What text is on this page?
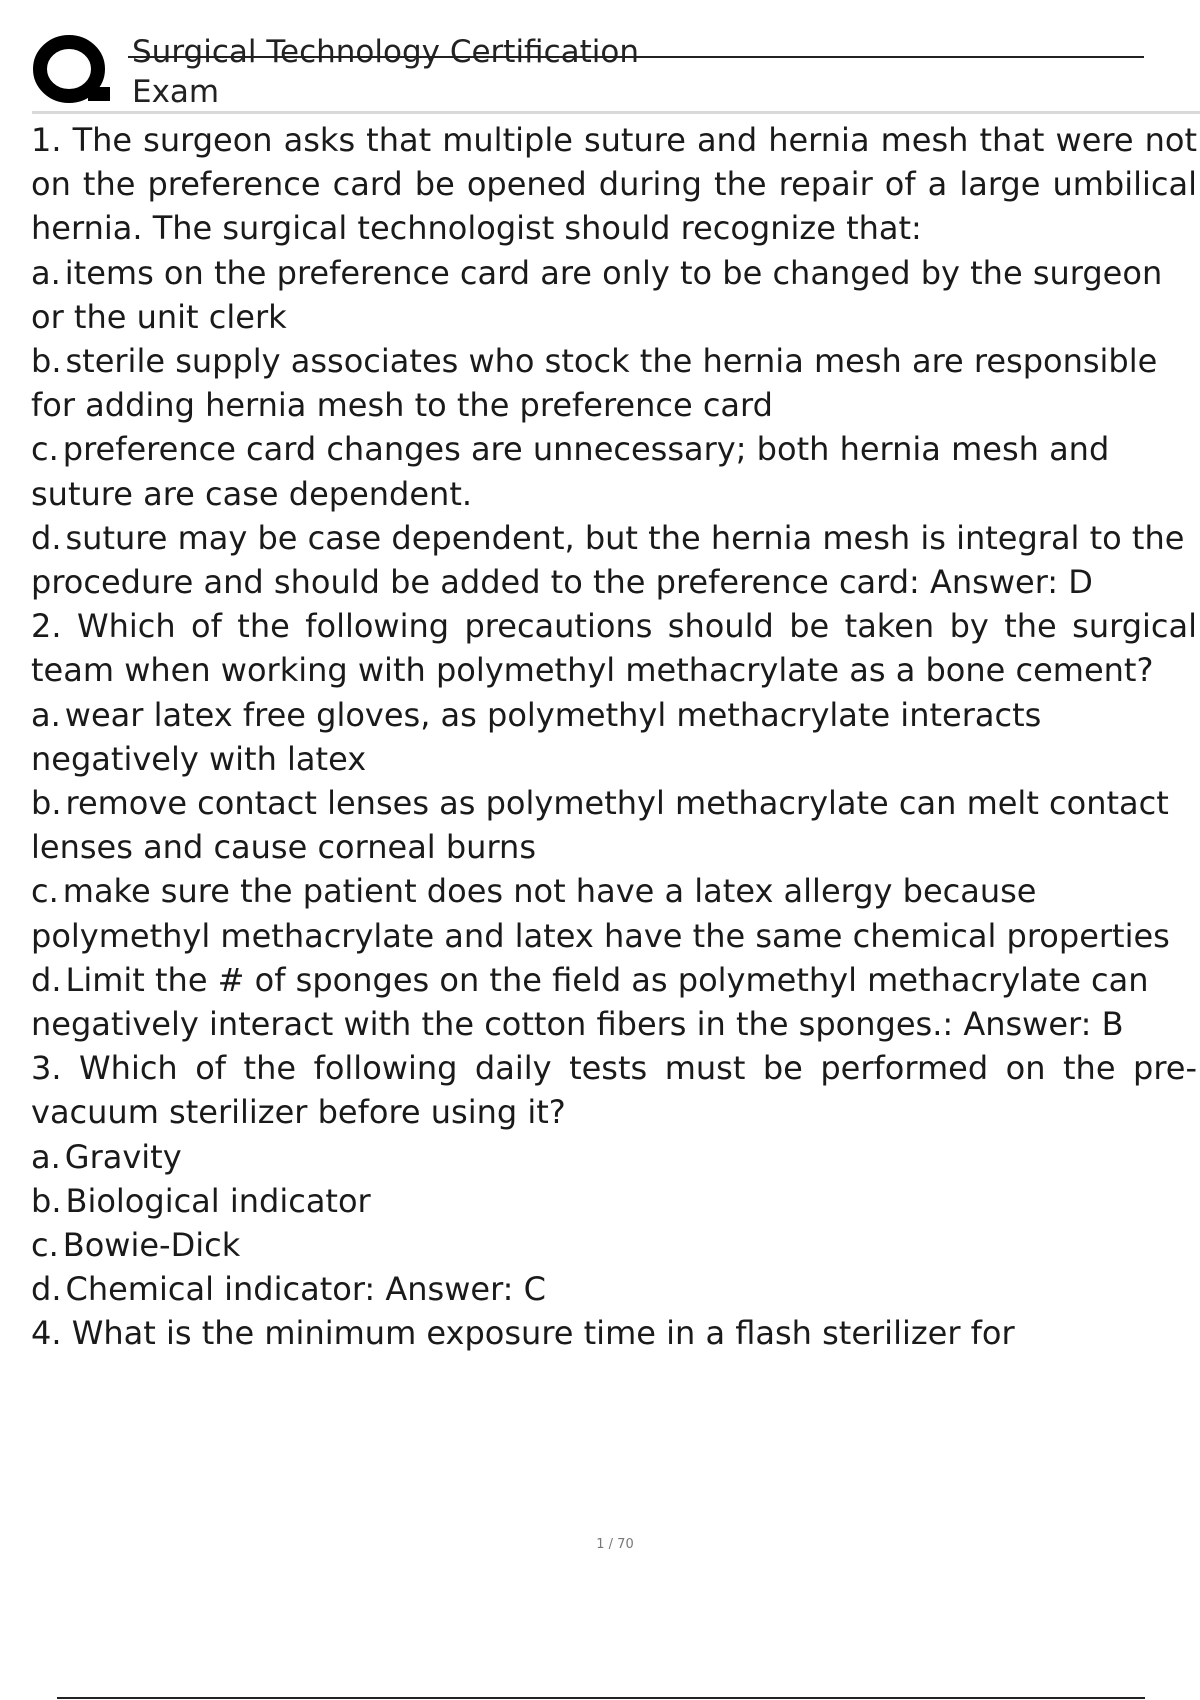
Surgical Technology Certification
Exam

1. The surgeon asks that multiple suture and hernia mesh that were not on the preference card be opened during the repair of a large umbilical hernia. The surgical technologist should recognize that:

a. items on the preference card are only to be changed by the surgeon or the unit clerk

b. sterile supply associates who stock the hernia mesh are responsible for adding hernia mesh to the preference card

c. preference card changes are unnecessary; both hernia mesh and suture are case dependent.

d. suture may be case dependent, but the hernia mesh is integral to the procedure and should be added to the preference card: Answer: D

2. Which of the following precautions should be taken by the surgical team when working with polymethyl methacrylate as a bone cement?

a. wear latex free gloves, as polymethyl methacrylate interacts negatively with latex

b. remove contact lenses as polymethyl methacrylate can melt contact lenses and cause corneal burns

c. make sure the patient does not have a latex allergy because polymethyl methacrylate and latex have the same chemical properties

d. Limit the # of sponges on the field as polymethyl methacrylate can negatively interact with the cotton fibers in the sponges.: Answer: B

3. Which of the following daily tests must be performed on the pre-vacuum sterilizer before using it?

a. Gravity

b. Biological indicator

c. Bowie-Dick

d. Chemical indicator: Answer: C

4. What is the minimum exposure time in a flash sterilizer for

1 / 70
